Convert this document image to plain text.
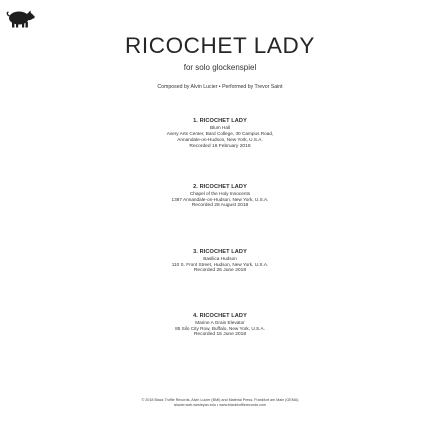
RICOCHET LADY
for solo glockenspiel
Composed by Alvin Lucier • Performed by Trevor Saint
1. RICOCHET LADY
Blum Hall
Avery Arts Center, Bard College, 30 Campus Road,
Annandale-on-Hudson, New York, U.S.A.
Recorded 16 February 2018
2. RICOCHET LADY
Chapel of the Holy Innocents
1387 Annandale-on-Hudson, New York, U.S.A.
Recorded 28 August 2018
3. RICOCHET LADY
Basilica Hudson
110 S. Front Street, Hudson, New York, U.S.A.
Recorded 26 June 2018
4. RICOCHET LADY
Marine A Grain Elevator
85 Silo City Row, Buffalo, New York, U.S.A.
Recorded 15 June 2018
© 2018 Black Truffle Records, Alvin Lucier (BMI) and Material Press, Frankfurt am Main (GEMA)
alucier.web.wesleyan.edu • www.blacktrufflerecords.com
